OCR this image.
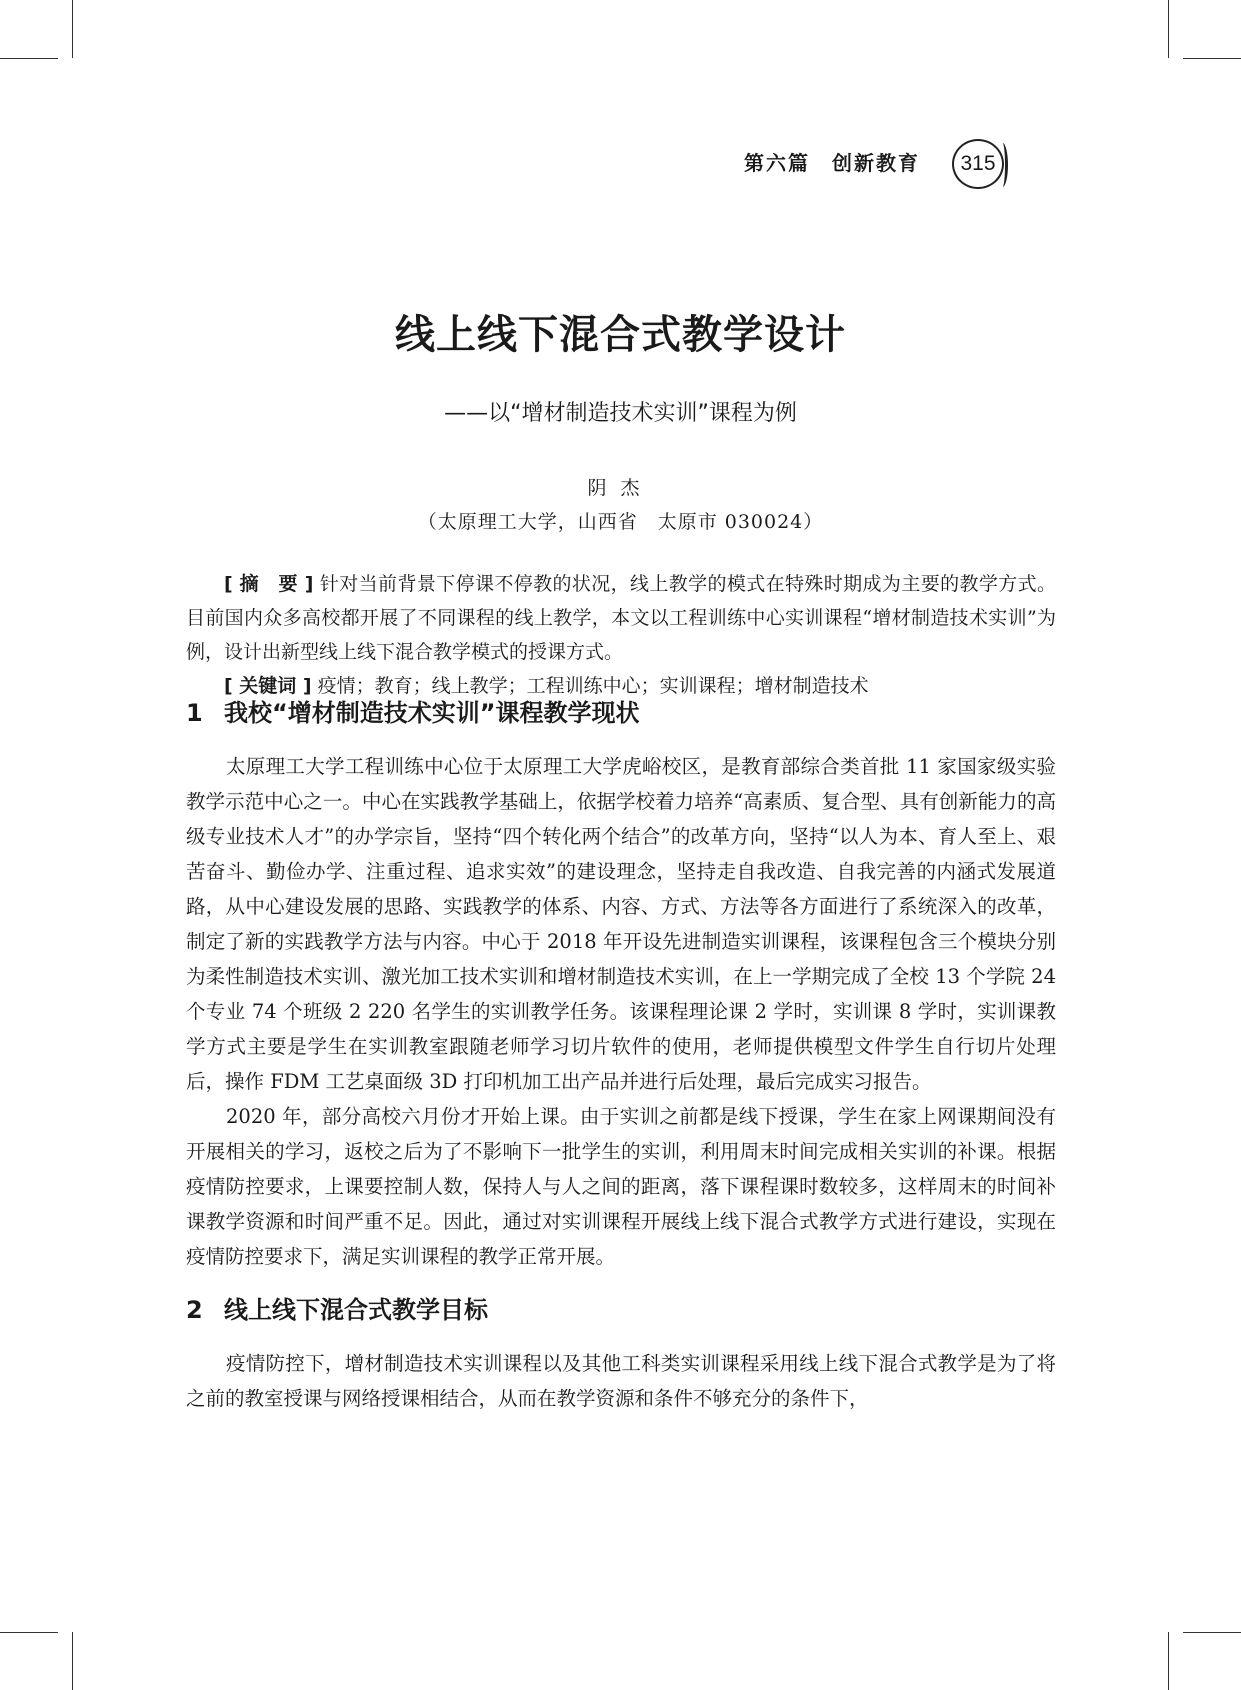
第六篇　创新教育	315
线上线下混合式教学设计
——以“增材制造技术实训”课程为例
阴杰
（太原理工大学，山西省　太原市 030024）

[ 摘　要 ] 针对当前背景下停课不停教的状况，线上教学的模式在特殊时期成为主要的教学方式。目前国内众多高校都开展了不同课程的线上教学，本文以工程训练中心实训课程“增材制造技术实训”为例，设计出新型线上线下混合教学模式的授课方式。

[ 关键词 ] 疫情；教育；线上教学；工程训练中心；实训课程；增材制造技术

1 我校“增材制造技术实训”课程教学现状

太原理工大学工程训练中心位于太原理工大学虎峪校区，是教育部综合类首批 11 家国家级实验教学示范中心之一。中心在实践教学基础上，依据学校着力培养“高素质、复合型、具有创新能力的高级专业技术人才”的办学宗旨，坚持“四个转化两个结合”的改革方向，坚持“以人为本、育人至上、艰苦奋斗、勤俭办学、注重过程、追求实效”的建设理念，坚持走自我改造、自我完善的内涵式发展道路，从中心建设发展的思路、实践教学的体系、内容、方式、方法等各方面进行了系统深入的改革，制定了新的实践教学方法与内容。中心于 2018 年开设先进制造实训课程，该课程包含三个模块分别为柔性制造技术实训、激光加工技术实训和增材制造技术实训，在上一学期完成了全校 13 个学院 24 个专业 74 个班级 2 220 名学生的实训教学任务。该课程理论课 2 学时，实训课 8 学时，实训课教学方式主要是学生在实训教室跟随老师学习切片软件的使用，老师提供模型文件学生自行切片处理后，操作 FDM 工艺桌面级 3D 打印机加工出产品并进行后处理，最后完成实习报告。

2020 年，部分高校六月份才开始上课。由于实训之前都是线下授课，学生在家上网课期间没有开展相关的学习，返校之后为了不影响下一批学生的实训，利用周末时间完成相关实训的补课。根据疫情防控要求，上课要控制人数，保持人与人之间的距离，落下课程课时数较多，这样周末的时间补课教学资源和时间严重不足。因此，通过对实训课程开展线上线下混合式教学方式进行建设，实现在疫情防控要求下，满足实训课程的教学正常开展。

2 线上线下混合式教学目标

疫情防控下，增材制造技术实训课程以及其他工科类实训课程采用线上线下混合式教学是为了将之前的教室授课与网络授课相结合，从而在教学资源和条件不够充分的条件下，
